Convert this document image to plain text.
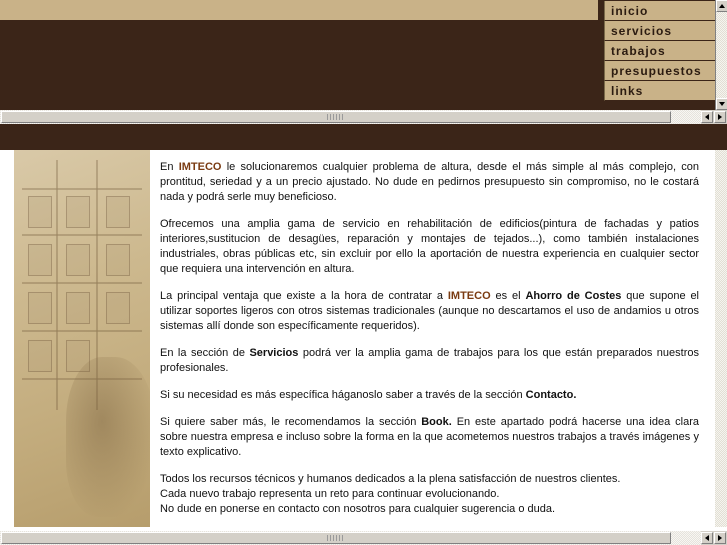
inicio
servicios
trabajos
presupuestos
links

En IMTECO le solucionaremos cualquier problema de altura, desde el más simple al más complejo, con prontitud, seriedad y a un precio ajustado. No dude en pedirnos presupuesto sin compromiso, no le costará nada y podrá serle muy beneficioso.

Ofrecemos una amplia gama de servicio en rehabilitación de edificios(pintura de fachadas y patios interiores,sustitucion de desagües, reparación y montajes de tejados...), como también instalaciones industriales, obras públicas etc, sin excluir por ello la aportación de nuestra experiencia en cualquier sector que requiera una intervención en altura.

La principal ventaja que existe a la hora de contratar a IMTECO es el Ahorro de Costes que supone el utilizar soportes ligeros con otros sistemas tradicionales (aunque no descartamos el uso de andamios u otros sistemas allí donde son específicamente requeridos).

En la sección de Servicios podrá ver la amplia gama de trabajos para los que están preparados nuestros profesionales.

Si su necesidad es más específica háganoslo saber a través de la sección Contacto.

Si quiere saber más, le recomendamos la sección Book. En este apartado podrá hacerse una idea clara sobre nuestra empresa e incluso sobre la forma en la que acometemos nuestros trabajos a través imágenes y texto explicativo.

Todos los recursos técnicos y humanos dedicados a la plena satisfacción de nuestros clientes.

Cada nuevo trabajo representa un reto para continuar evolucionando.

No dude en ponerse en contacto con nosotros para cualquier sugerencia o duda.
